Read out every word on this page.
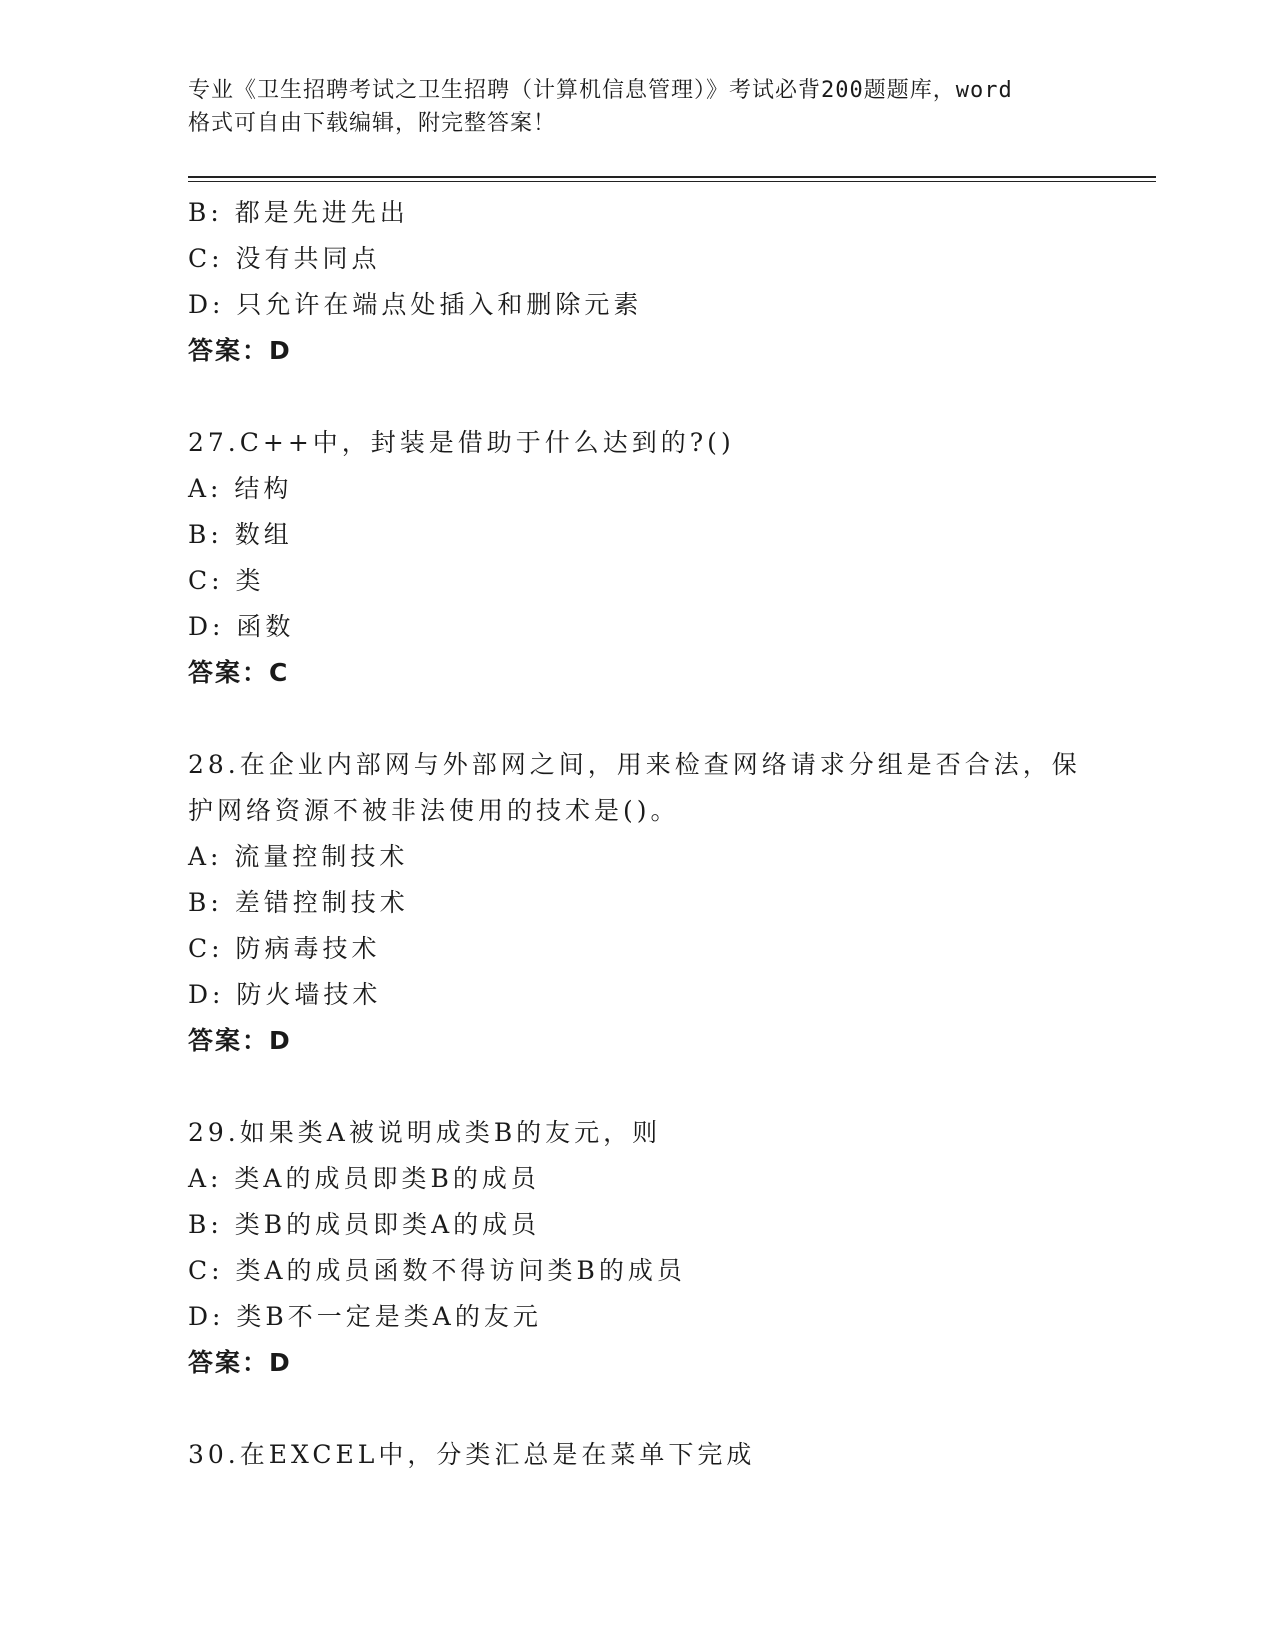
专业《卫生招聘考试之卫生招聘（计算机信息管理）》考试必背200题题库，word
格式可自由下载编辑，附完整答案！
B: 都是先进先出
C: 没有共同点
D: 只允许在端点处插入和删除元素
答案：D
27.C++中，封装是借助于什么达到的?()
A: 结构
B: 数组
C: 类
D: 函数
答案：C
28.在企业内部网与外部网之间，用来检查网络请求分组是否合法，保
护网络资源不被非法使用的技术是()。
A: 流量控制技术
B: 差错控制技术
C: 防病毒技术
D: 防火墙技术
答案：D
29.如果类A被说明成类B的友元，则
A: 类A的成员即类B的成员
B: 类B的成员即类A的成员
C: 类A的成员函数不得访问类B的成员
D: 类B不一定是类A的友元
答案：D
30.在EXCEL中，分类汇总是在菜单下完成
